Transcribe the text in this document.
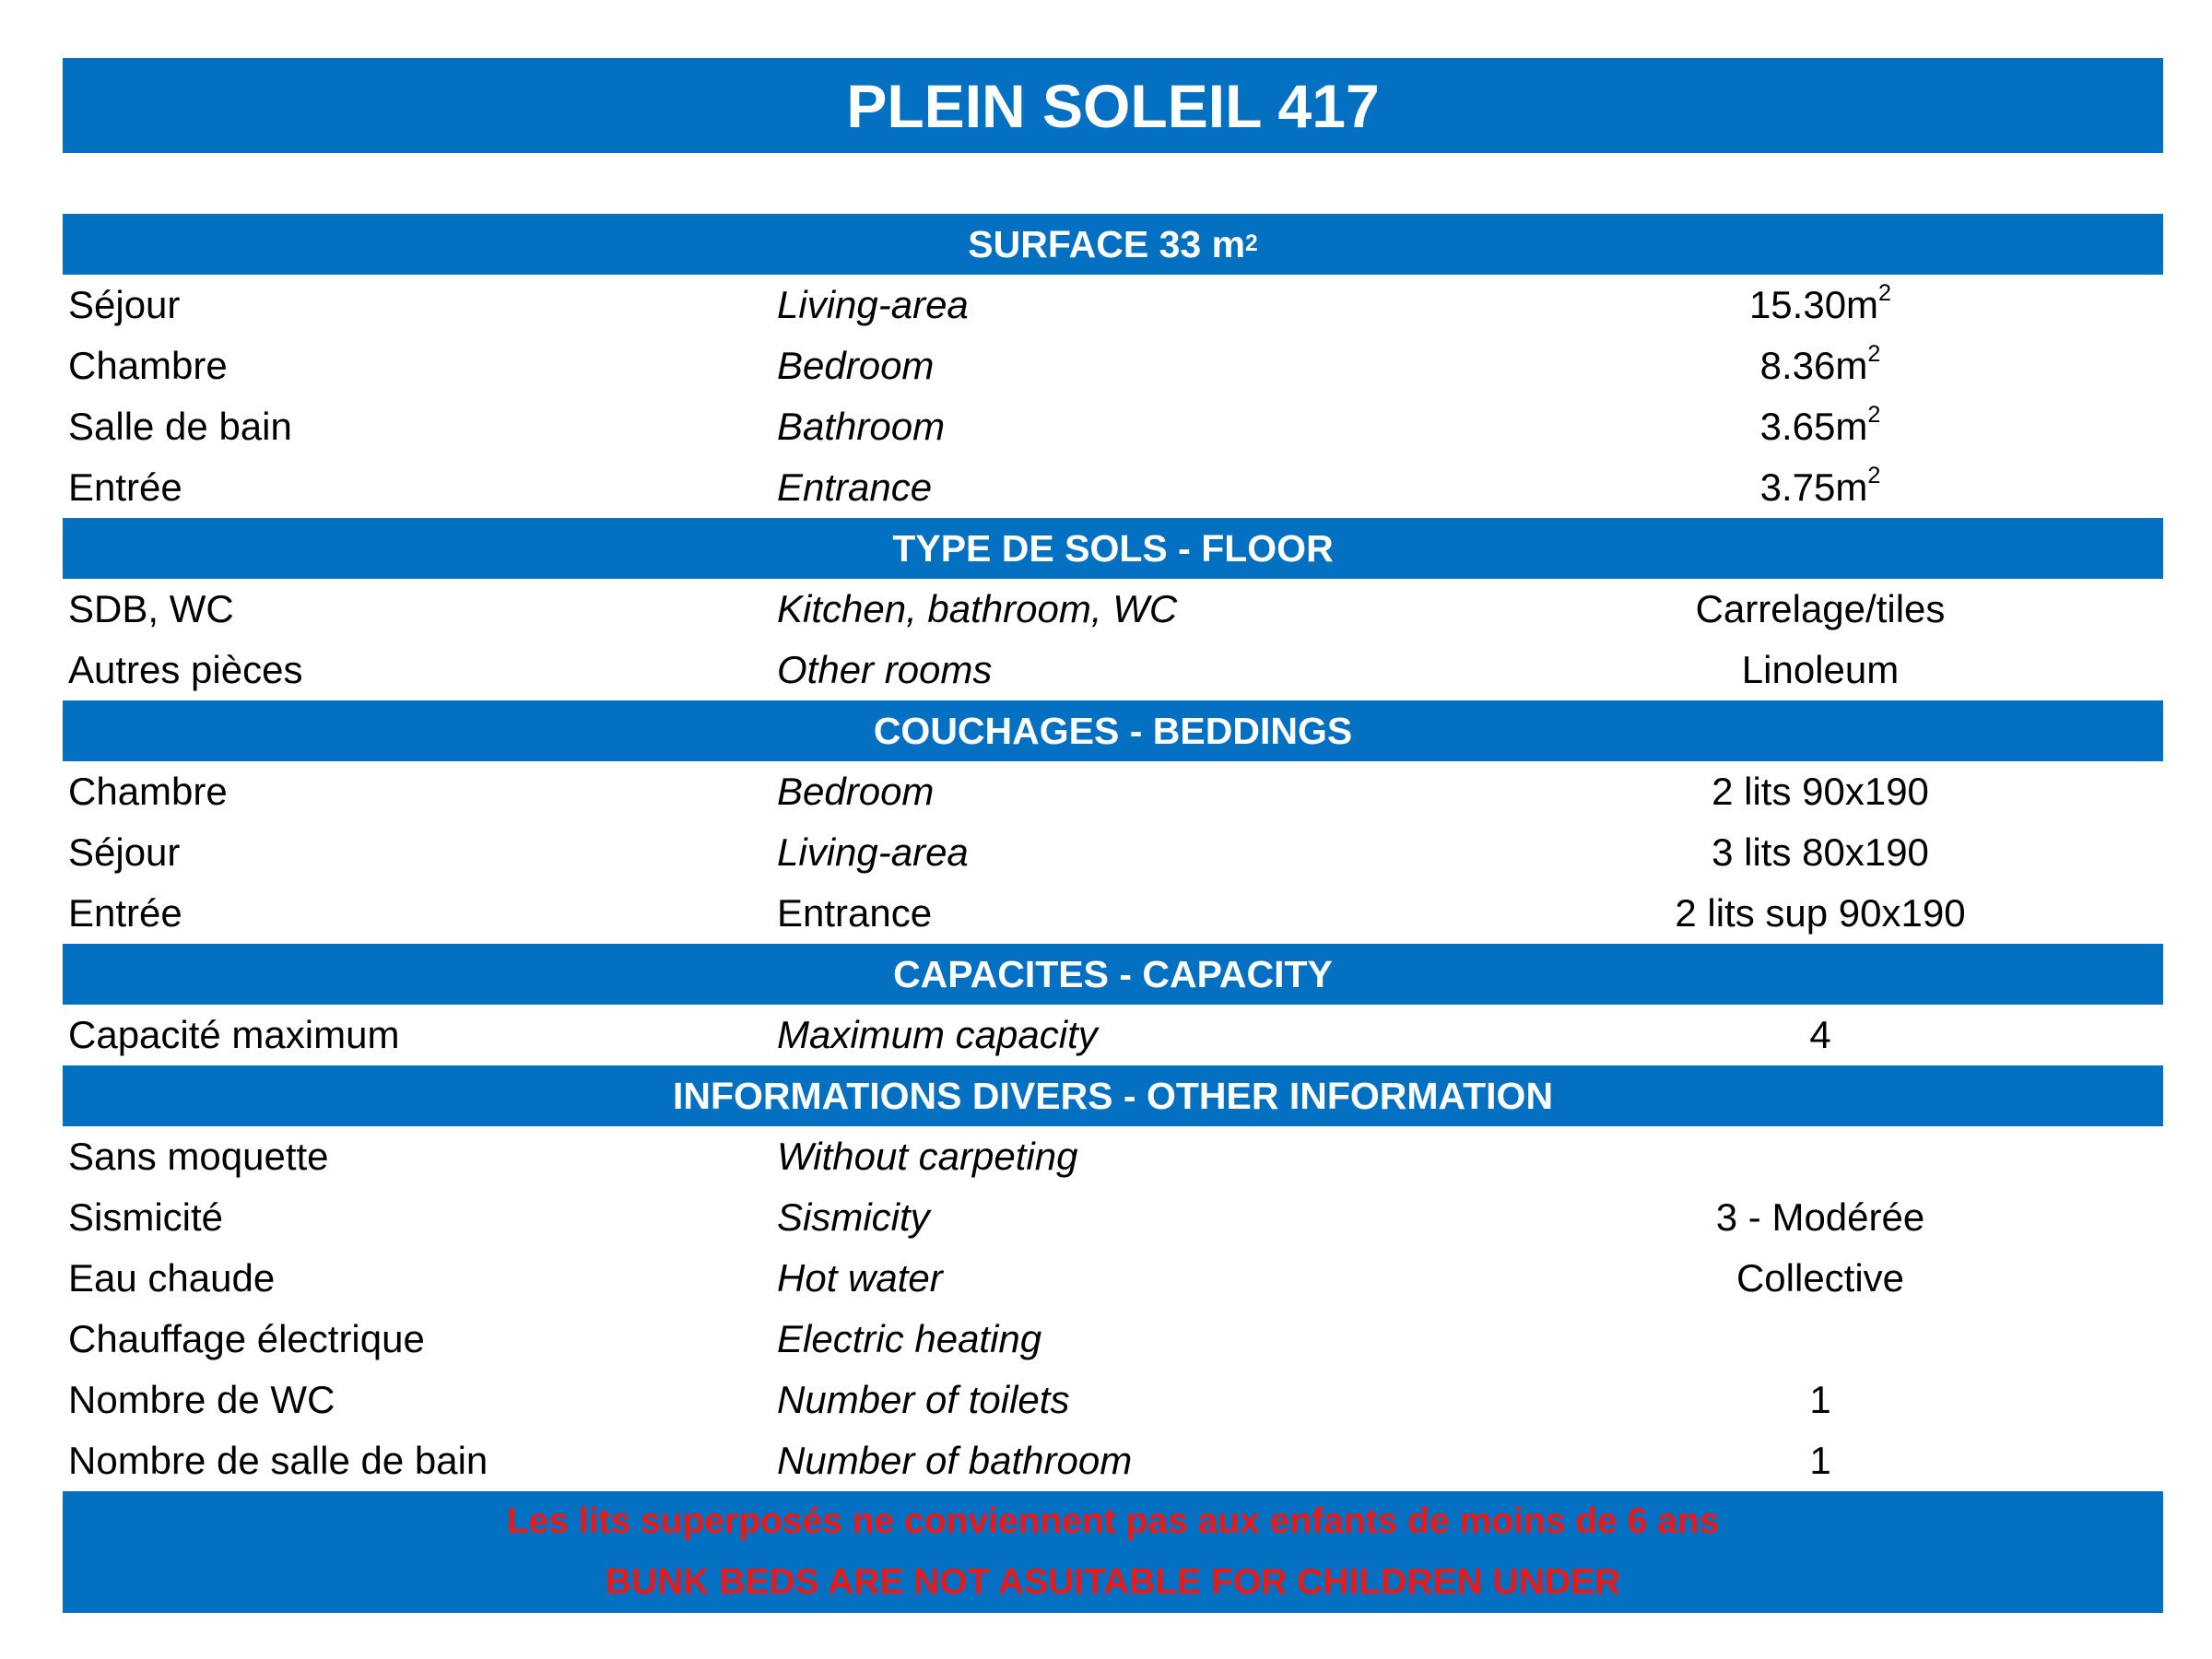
PLEIN SOLEIL 417
SURFACE 33 m 2
Séjour	Living-area	$15.30m^2$
Chambre	Bedroom	$8.36m^2$
Salle de bain	Bathroom	$3.65m^2$
Entrée	Entrance	$3.75m^2$
TYPE DE SOLS - FLOOR
SDB, WC	Kitchen, bathroom, WC	Carrelage/tiles
Autres pièces	Other rooms	Linoleum
COUCHAGES - BEDDINGS
Chambre	Bedroom	2 lits 90x190
Séjour	Living-area	3 lits 80x190
Entrée	Entrance	2 lits sup 90x190
CAPACITES - CAPACITY
Capacité maximum	Maximum capacity	4
INFORMATIONS DIVERS - OTHER INFORMATION
Sans moquette	Without carpeting
Sismicité	Sismicity	3 - Modérée
Eau chaude	Hot water	Collective
Chauffage électrique	Electric heating
Nombre de WC	Number of toilets	1
Nombre de salle de bain	Number of bathroom	1
Les lits superposés ne conviennent pas aux enfants de moins de 6 ans
BUNK BEDS ARE NOT ASUITABLE FOR CHILDREN UNDER
